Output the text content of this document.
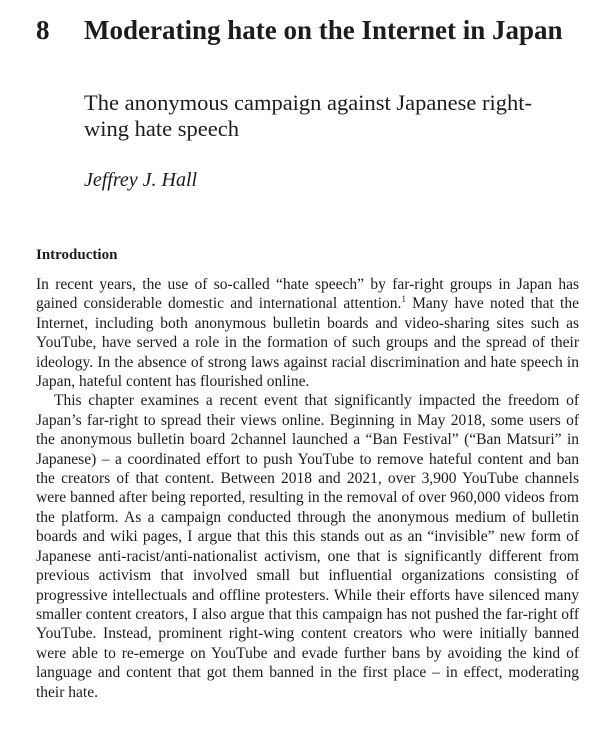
8 Moderating hate on the Internet in Japan
The anonymous campaign against Japanese right-wing hate speech

Jeffrey J. Hall

Introduction

In recent years, the use of so-called “hate speech” by far-right groups in Japan has gained considerable domestic and international attention.$^1$ Many have noted that the Internet, including both anonymous bulletin boards and video-sharing sites such as YouTube, have served a role in the formation of such groups and the spread of their ideology. In the absence of strong laws against racial discrimination and hate speech in Japan, hateful content has flourished online.

This chapter examines a recent event that significantly impacted the freedom of Japan’s far-right to spread their views online. Beginning in May 2018, some users of the anonymous bulletin board 2channel launched a “Ban Festival” (“Ban Matsuri” in Japanese) – a coordinated effort to push YouTube to remove hateful content and ban the creators of that content. Between 2018 and 2021, over 3,900 YouTube channels were banned after being reported, resulting in the removal of over 960,000 videos from the platform. As a campaign conducted through the anonymous medium of bulletin boards and wiki pages, I argue that this this stands out as an “invisible” new form of Japanese anti-racist/anti-nationalist activism, one that is significantly different from previous activism that involved small but influential organizations consisting of progressive intellectuals and offline protesters. While their efforts have silenced many smaller content creators, I also argue that this campaign has not pushed the far-right off YouTube. Instead, prominent right-wing content creators who were initially banned were able to re-emerge on YouTube and evade further bans by avoiding the kind of language and content that got them banned in the first place – in effect, moderating their hate.
